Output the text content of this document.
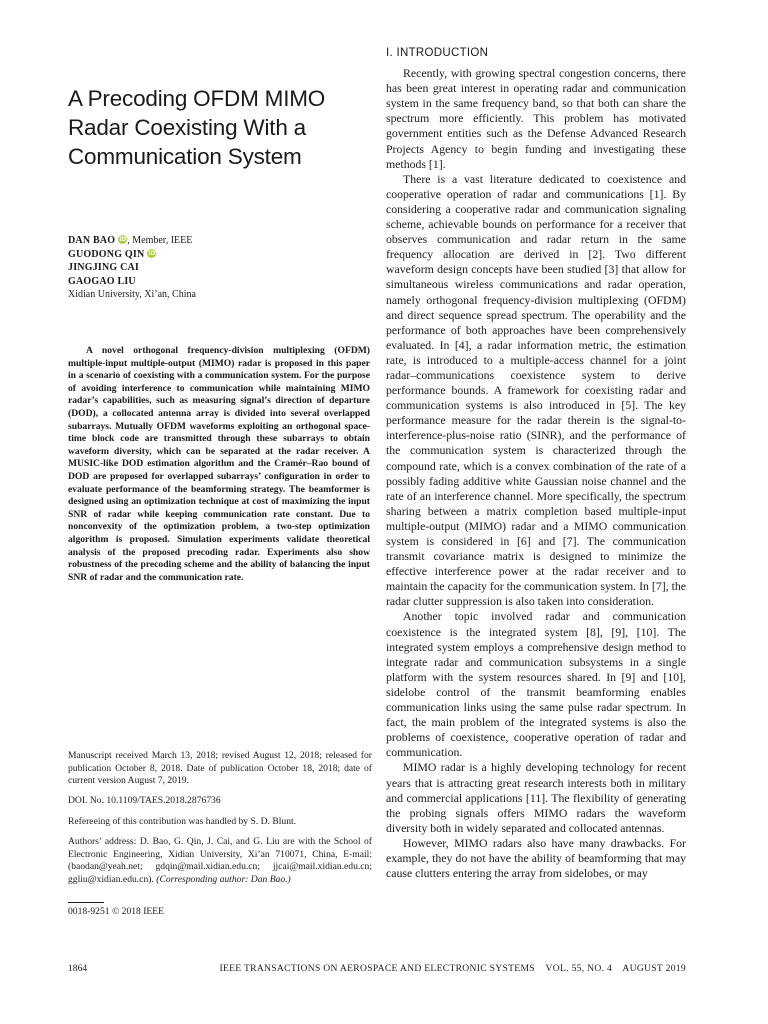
A Precoding OFDM MIMO Radar Coexisting With a Communication System
DAN BAO iD, Member, IEEE
GUODONG QIN iD
JINGJING CAI
GAOGAO LIU
Xidian University, Xi’an, China

A novel orthogonal frequency-division multiplexing (OFDM) multiple-input multiple-output (MIMO) radar is proposed in this paper in a scenario of coexisting with a communication system. For the purpose of avoiding interference to communication while maintaining MIMO radar’s capabilities, such as measuring signal’s direction of departure (DOD), a collocated antenna array is divided into several overlapped subarrays. Mutually OFDM waveforms exploiting an orthogonal space-time block code are transmitted through these subarrays to obtain waveform diversity, which can be separated at the radar receiver. A MUSIC-like DOD estimation algorithm and the Cramér–Rao bound of DOD are proposed for overlapped subarrays’ configuration in order to evaluate performance of the beamforming strategy. The beamformer is designed using an optimization technique at cost of maximizing the input SNR of radar while keeping communication rate constant. Due to nonconvexity of the optimization problem, a two-step optimization algorithm is proposed. Simulation experiments validate theoretical analysis of the proposed precoding radar. Experiments also show robustness of the precoding scheme and the ability of balancing the input SNR of radar and the communication rate.

Manuscript received March 13, 2018; revised August 12, 2018; released for publication October 8, 2018. Date of publication October 18, 2018; date of current version August 7, 2019.

DOI. No. 10.1109/TAES.2018.2876736

Refereeing of this contribution was handled by S. D. Blunt.

Authors’ address: D. Bao, G. Qin, J. Cai, and G. Liu are with the School of Electronic Engineering, Xidian University, Xi’an 710071, China, E-mail: (baodan@yeah.net; gdqin@mail.xidian.edu.cn; jjcai@mail.xidian.edu.cn; ggliu@xidian.edu.cn). (Corresponding author: Dan Bao.)

0018-9251 © 2018 IEEE

I. INTRODUCTION

Recently, with growing spectral congestion concerns, there has been great interest in operating radar and communication system in the same frequency band, so that both can share the spectrum more efficiently. This problem has motivated government entities such as the Defense Advanced Research Projects Agency to begin funding and investigating these methods [1].

There is a vast literature dedicated to coexistence and cooperative operation of radar and communications [1]. By considering a cooperative radar and communication signaling scheme, achievable bounds on performance for a receiver that observes communication and radar return in the same frequency allocation are derived in [2]. Two different waveform design concepts have been studied [3] that allow for simultaneous wireless communications and radar operation, namely orthogonal frequency-division multiplexing (OFDM) and direct sequence spread spectrum. The operability and the performance of both approaches have been comprehensively evaluated. In [4], a radar information metric, the estimation rate, is introduced to a multiple-access channel for a joint radar–communications coexistence system to derive performance bounds. A framework for coexisting radar and communication systems is also introduced in [5]. The key performance measure for the radar therein is the signal-to-interference-plus-noise ratio (SINR), and the performance of the communication system is characterized through the compound rate, which is a convex combination of the rate of a possibly fading additive white Gaussian noise channel and the rate of an interference channel. More specifically, the spectrum sharing between a matrix completion based multiple-input multiple-output (MIMO) radar and a MIMO communication system is considered in [6] and [7]. The communication transmit covariance matrix is designed to minimize the effective interference power at the radar receiver and to maintain the capacity for the communication system. In [7], the radar clutter suppression is also taken into consideration.

Another topic involved radar and communication coexistence is the integrated system [8], [9], [10]. The integrated system employs a comprehensive design method to integrate radar and communication subsystems in a single platform with the system resources shared. In [9] and [10], sidelobe control of the transmit beamforming enables communication links using the same pulse radar spectrum. In fact, the main problem of the integrated systems is also the problems of coexistence, cooperative operation of radar and communication.

MIMO radar is a highly developing technology for recent years that is attracting great research interests both in military and commercial applications [11]. The flexibility of generating the probing signals offers MIMO radars the waveform diversity both in widely separated and collocated antennas.

However, MIMO radars also have many drawbacks. For example, they do not have the ability of beamforming that may cause clutters entering the array from sidelobes, or may

1864	IEEE TRANSACTIONS ON AEROSPACE AND ELECTRONIC SYSTEMS    VOL. 55, NO. 4    AUGUST 2019
